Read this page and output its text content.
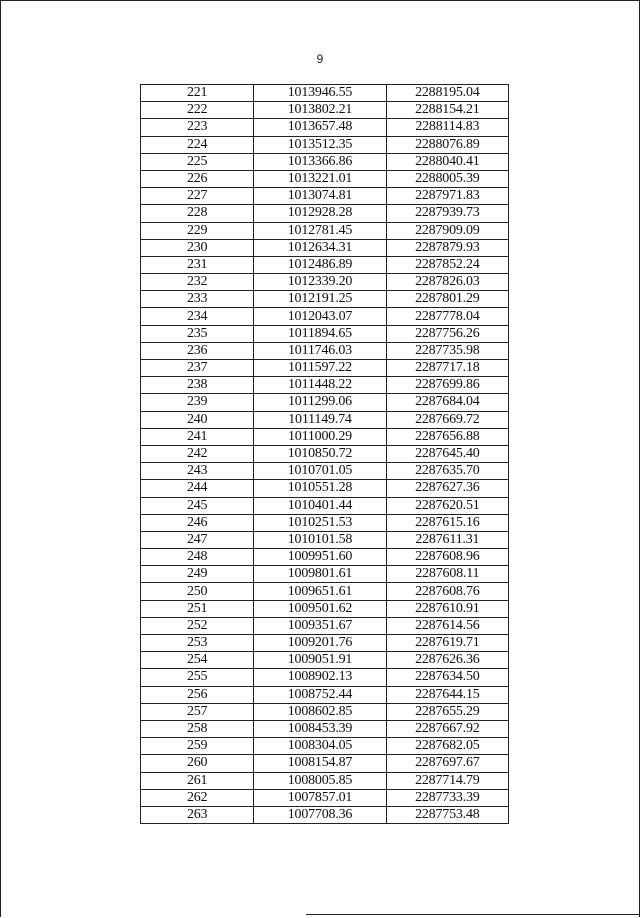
9
221	1013946.55	2288195.04
222	1013802.21	2288154.21
223	1013657.48	2288114.83
224	1013512.35	2288076.89
225	1013366.86	2288040.41
226	1013221.01	2288005.39
227	1013074.81	2287971.83
228	1012928.28	2287939.73
229	1012781.45	2287909.09
230	1012634.31	2287879.93
231	1012486.89	2287852.24
232	1012339.20	2287826.03
233	1012191.25	2287801.29
234	1012043.07	2287778.04
235	1011894.65	2287756.26
236	1011746.03	2287735.98
237	1011597.22	2287717.18
238	1011448.22	2287699.86
239	1011299.06	2287684.04
240	1011149.74	2287669.72
241	1011000.29	2287656.88
242	1010850.72	2287645.40
243	1010701.05	2287635.70
244	1010551.28	2287627.36
245	1010401.44	2287620.51
246	1010251.53	2287615.16
247	1010101.58	2287611.31
248	1009951.60	2287608.96
249	1009801.61	2287608.11
250	1009651.61	2287608.76
251	1009501.62	2287610.91
252	1009351.67	2287614.56
253	1009201.76	2287619.71
254	1009051.91	2287626.36
255	1008902.13	2287634.50
256	1008752.44	2287644.15
257	1008602.85	2287655.29
258	1008453.39	2287667.92
259	1008304.05	2287682.05
260	1008154.87	2287697.67
261	1008005.85	2287714.79
262	1007857.01	2287733.39
263	1007708.36	2287753.48
